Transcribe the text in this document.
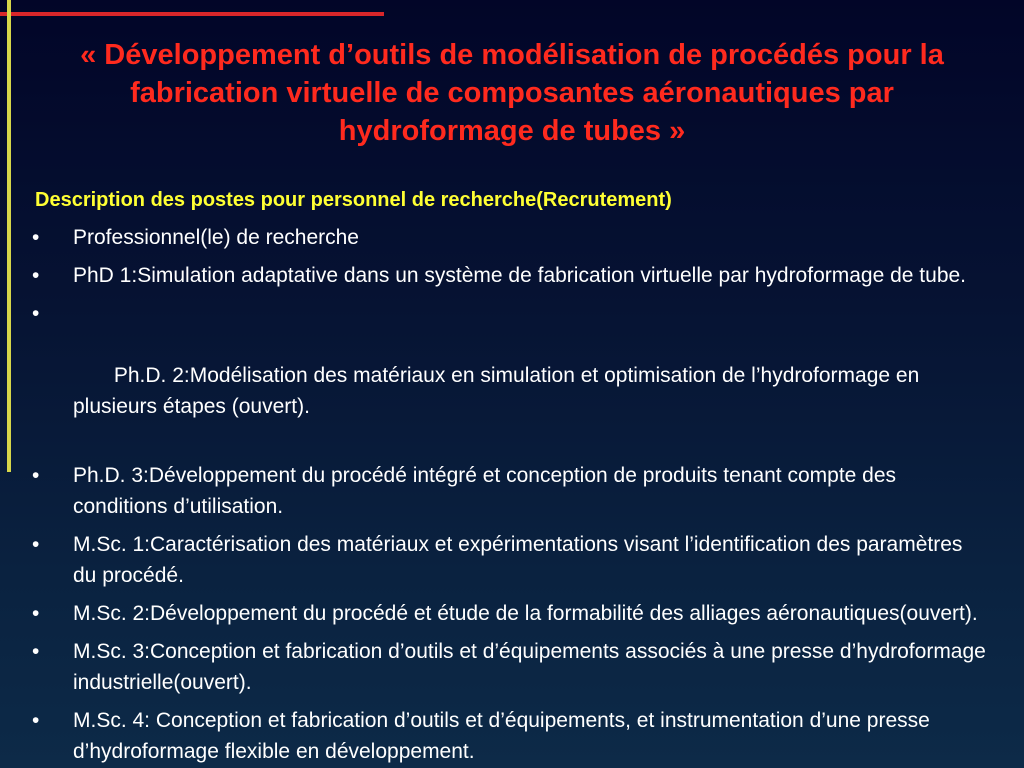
« Développement d’outils de modélisation de procédés pour la fabrication virtuelle de composantes aéronautiques par hydroformage de tubes »

Description des postes pour personnel de recherche(Recrutement)

•	Professionnel(le) de recherche
•	PhD 1:Simulation adaptative dans un système de fabrication virtuelle par hydroformage de tube.

•

Ph.D. 2:Modélisation des matériaux en simulation et optimisation de l’hydroformage en plusieurs étapes (ouvert).

•	Ph.D. 3:Développement du procédé intégré et conception de produits tenant compte des conditions d’utilisation.
•	M.Sc. 1:Caractérisation des matériaux et expérimentations visant l’identification des paramètres du procédé.
•	M.Sc. 2:Développement du procédé et étude de la formabilité des alliages aéronautiques(ouvert).
•	M.Sc. 3:Conception et fabrication d’outils et d’équipements associés à une presse d’hydroformage industrielle(ouvert).
•	M.Sc. 4: Conception et fabrication d’outils et d’équipements, et instrumentation d’une presse d’hydroformage flexible en développement.
